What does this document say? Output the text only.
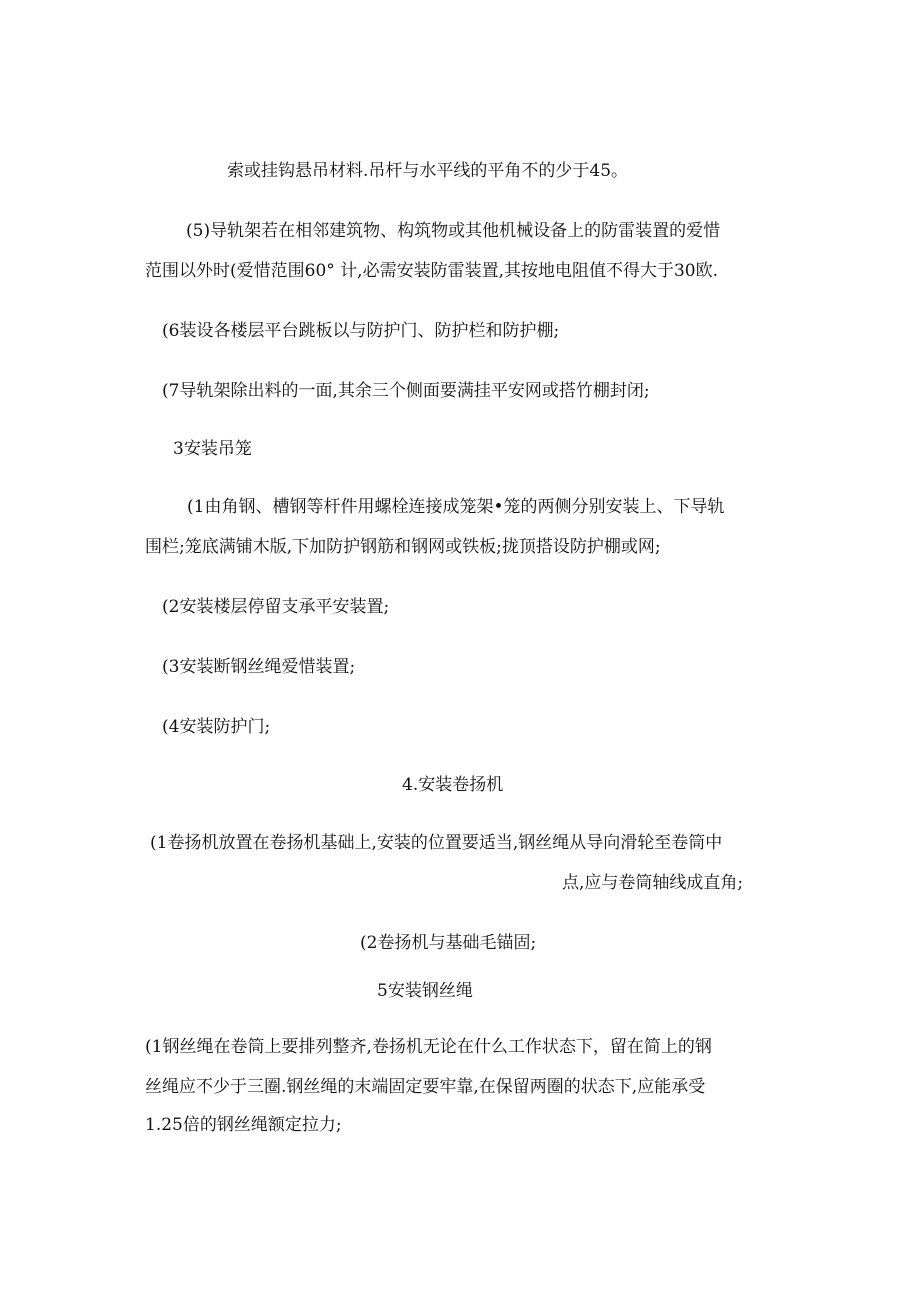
索或挂钩悬吊材料.吊杆与水平线的平角不的少于45。
(5)导轨架若在相邻建筑物、构筑物或其他机械设备上的防雷装置的爱惜
范围以外时(爱惜范围60° 计,必需安装防雷装置,其按地电阻值不得大于30欧.
(6装设各楼层平台跳板以与防护门、防护栏和防护棚;
(7导轨架除出料的一面,其余三个侧面要满挂平安网或搭竹棚封闭;
3安装吊笼
(1由角钢、槽钢等杆件用螺栓连接成笼架•笼的两侧分别安装上、下导轨
围栏;笼底满铺木版,下加防护钢筋和钢网或铁板;拢顶搭设防护棚或网;
(2安装楼层停留支承平安装置;
(3安装断钢丝绳爱惜装置;
(4安装防护门;
4.安装卷扬机
(1卷扬机放置在卷扬机基础上,安装的位置要适当,钢丝绳从导向滑轮至卷筒中
点,应与卷筒轴线成直角;
(2卷扬机与基础毛锚固;
5安装钢丝绳
(1钢丝绳在卷筒上要排列整齐,卷扬机无论在什么工作状态下，留在简上的钢
丝绳应不少于三圈.钢丝绳的末端固定要牢靠,在保留两圈的状态下,应能承受
1.25倍的钢丝绳额定拉力;
